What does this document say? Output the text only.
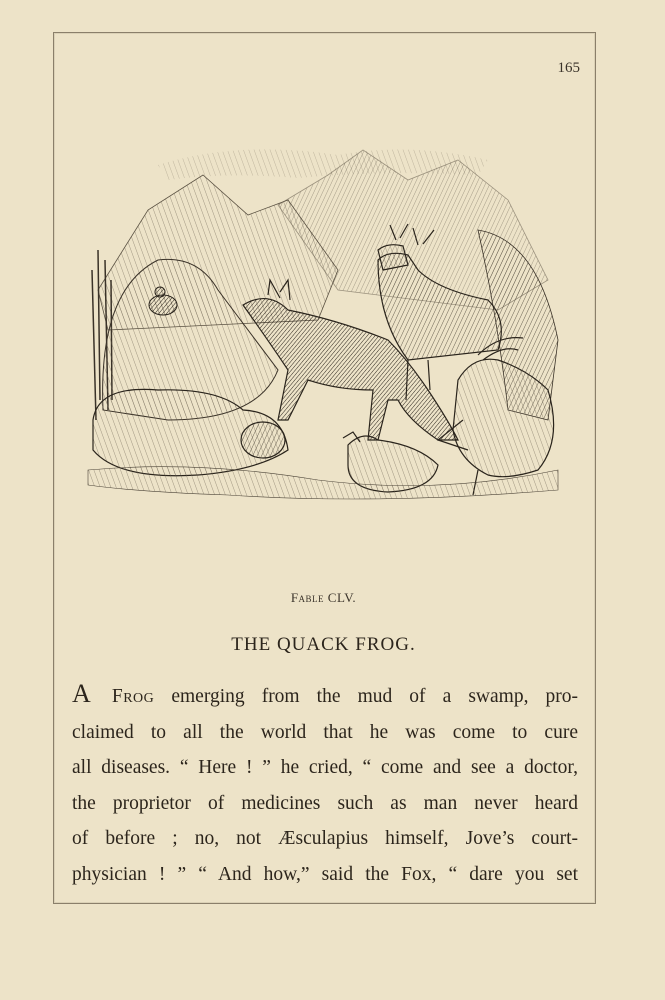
165
Fable CLV.
THE QUACK FROG.
A Frog emerging from the mud of a swamp, pro-
claimed to all the world that he was come to cure
all diseases. “ Here ! ” he cried, “ come and see a doctor,
the proprietor of medicines such as man never heard
of before ; no, not Æsculapius himself, Jove’s court-
physician ! ” “ And how,” said the Fox, “ dare you set
